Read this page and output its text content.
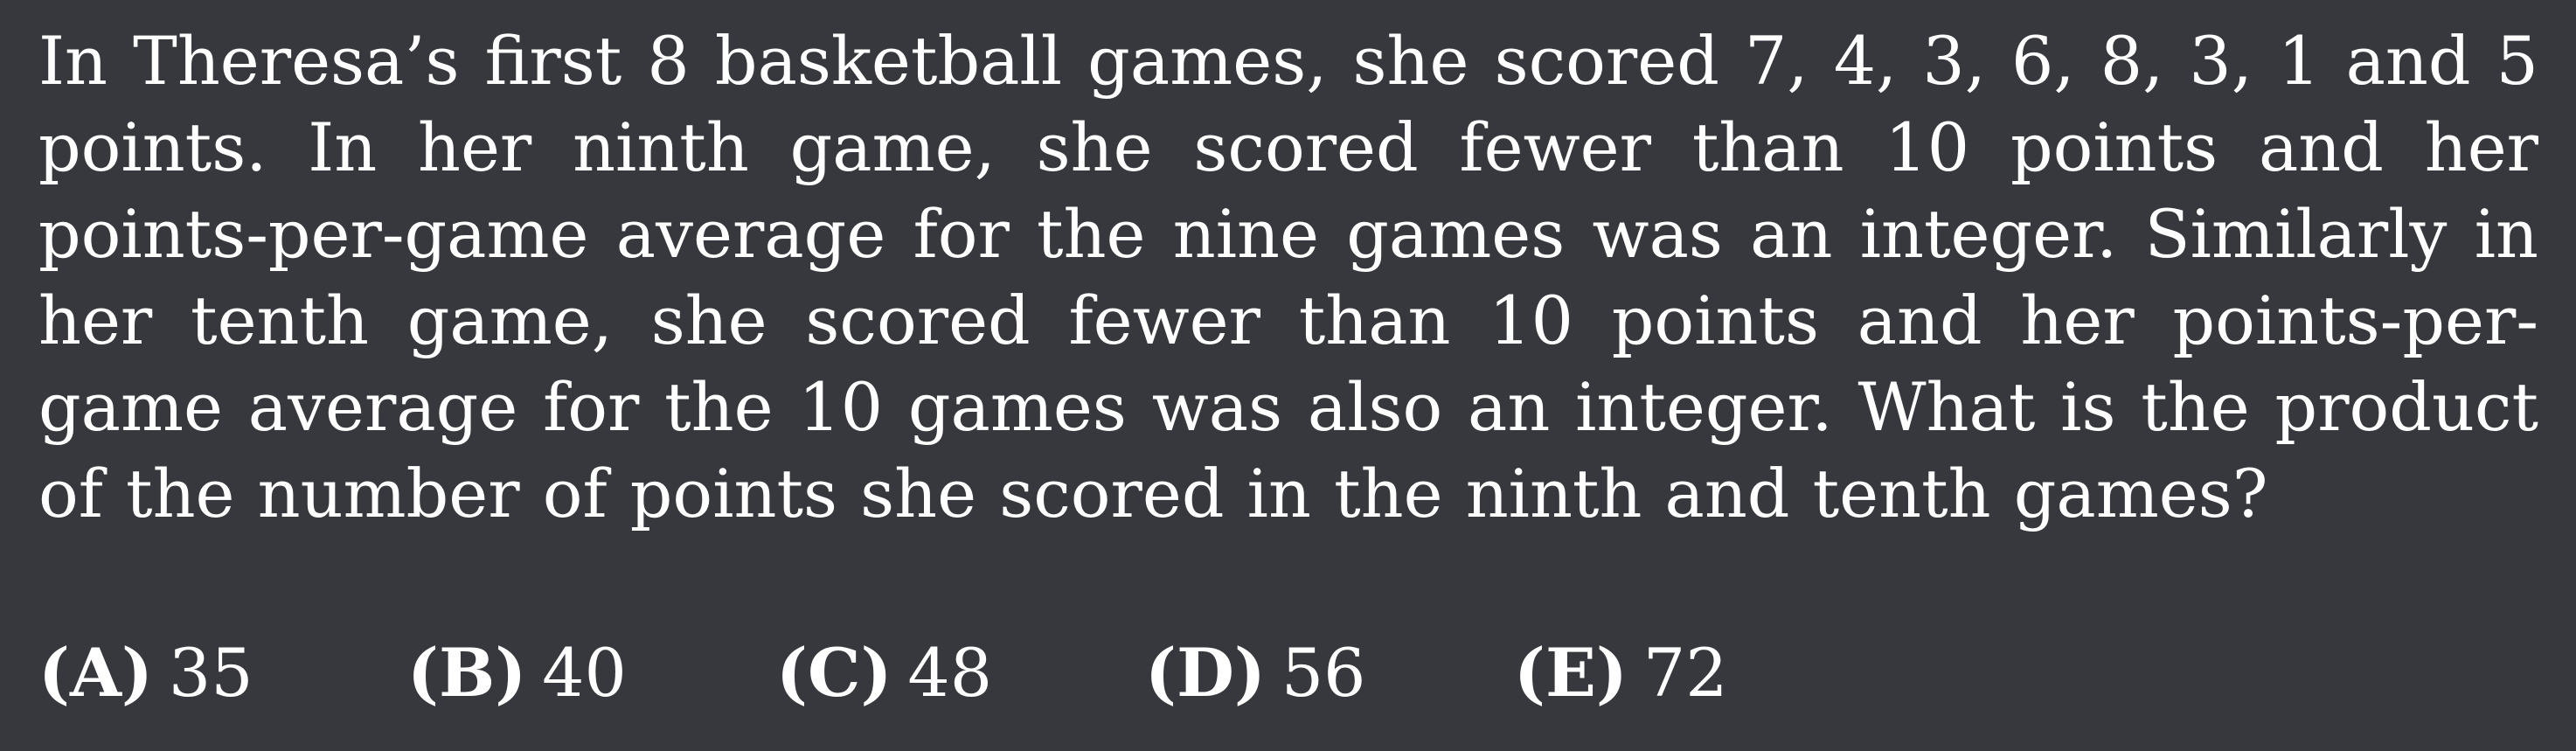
In Theresa’s first 8 basketball games, she scored 7, 4, 3, 6, 8, 3, 1 and 5 points. In her ninth game, she scored fewer than 10 points and her points-per-game average for the nine games was an integer. Similarly in her tenth game, she scored fewer than 10 points and her points-per-game average for the 10 games was also an integer. What is the product of the number of points she scored in the ninth and tenth games?
(A) 35 (B) 40 (C) 48 (D) 56 (E) 72
